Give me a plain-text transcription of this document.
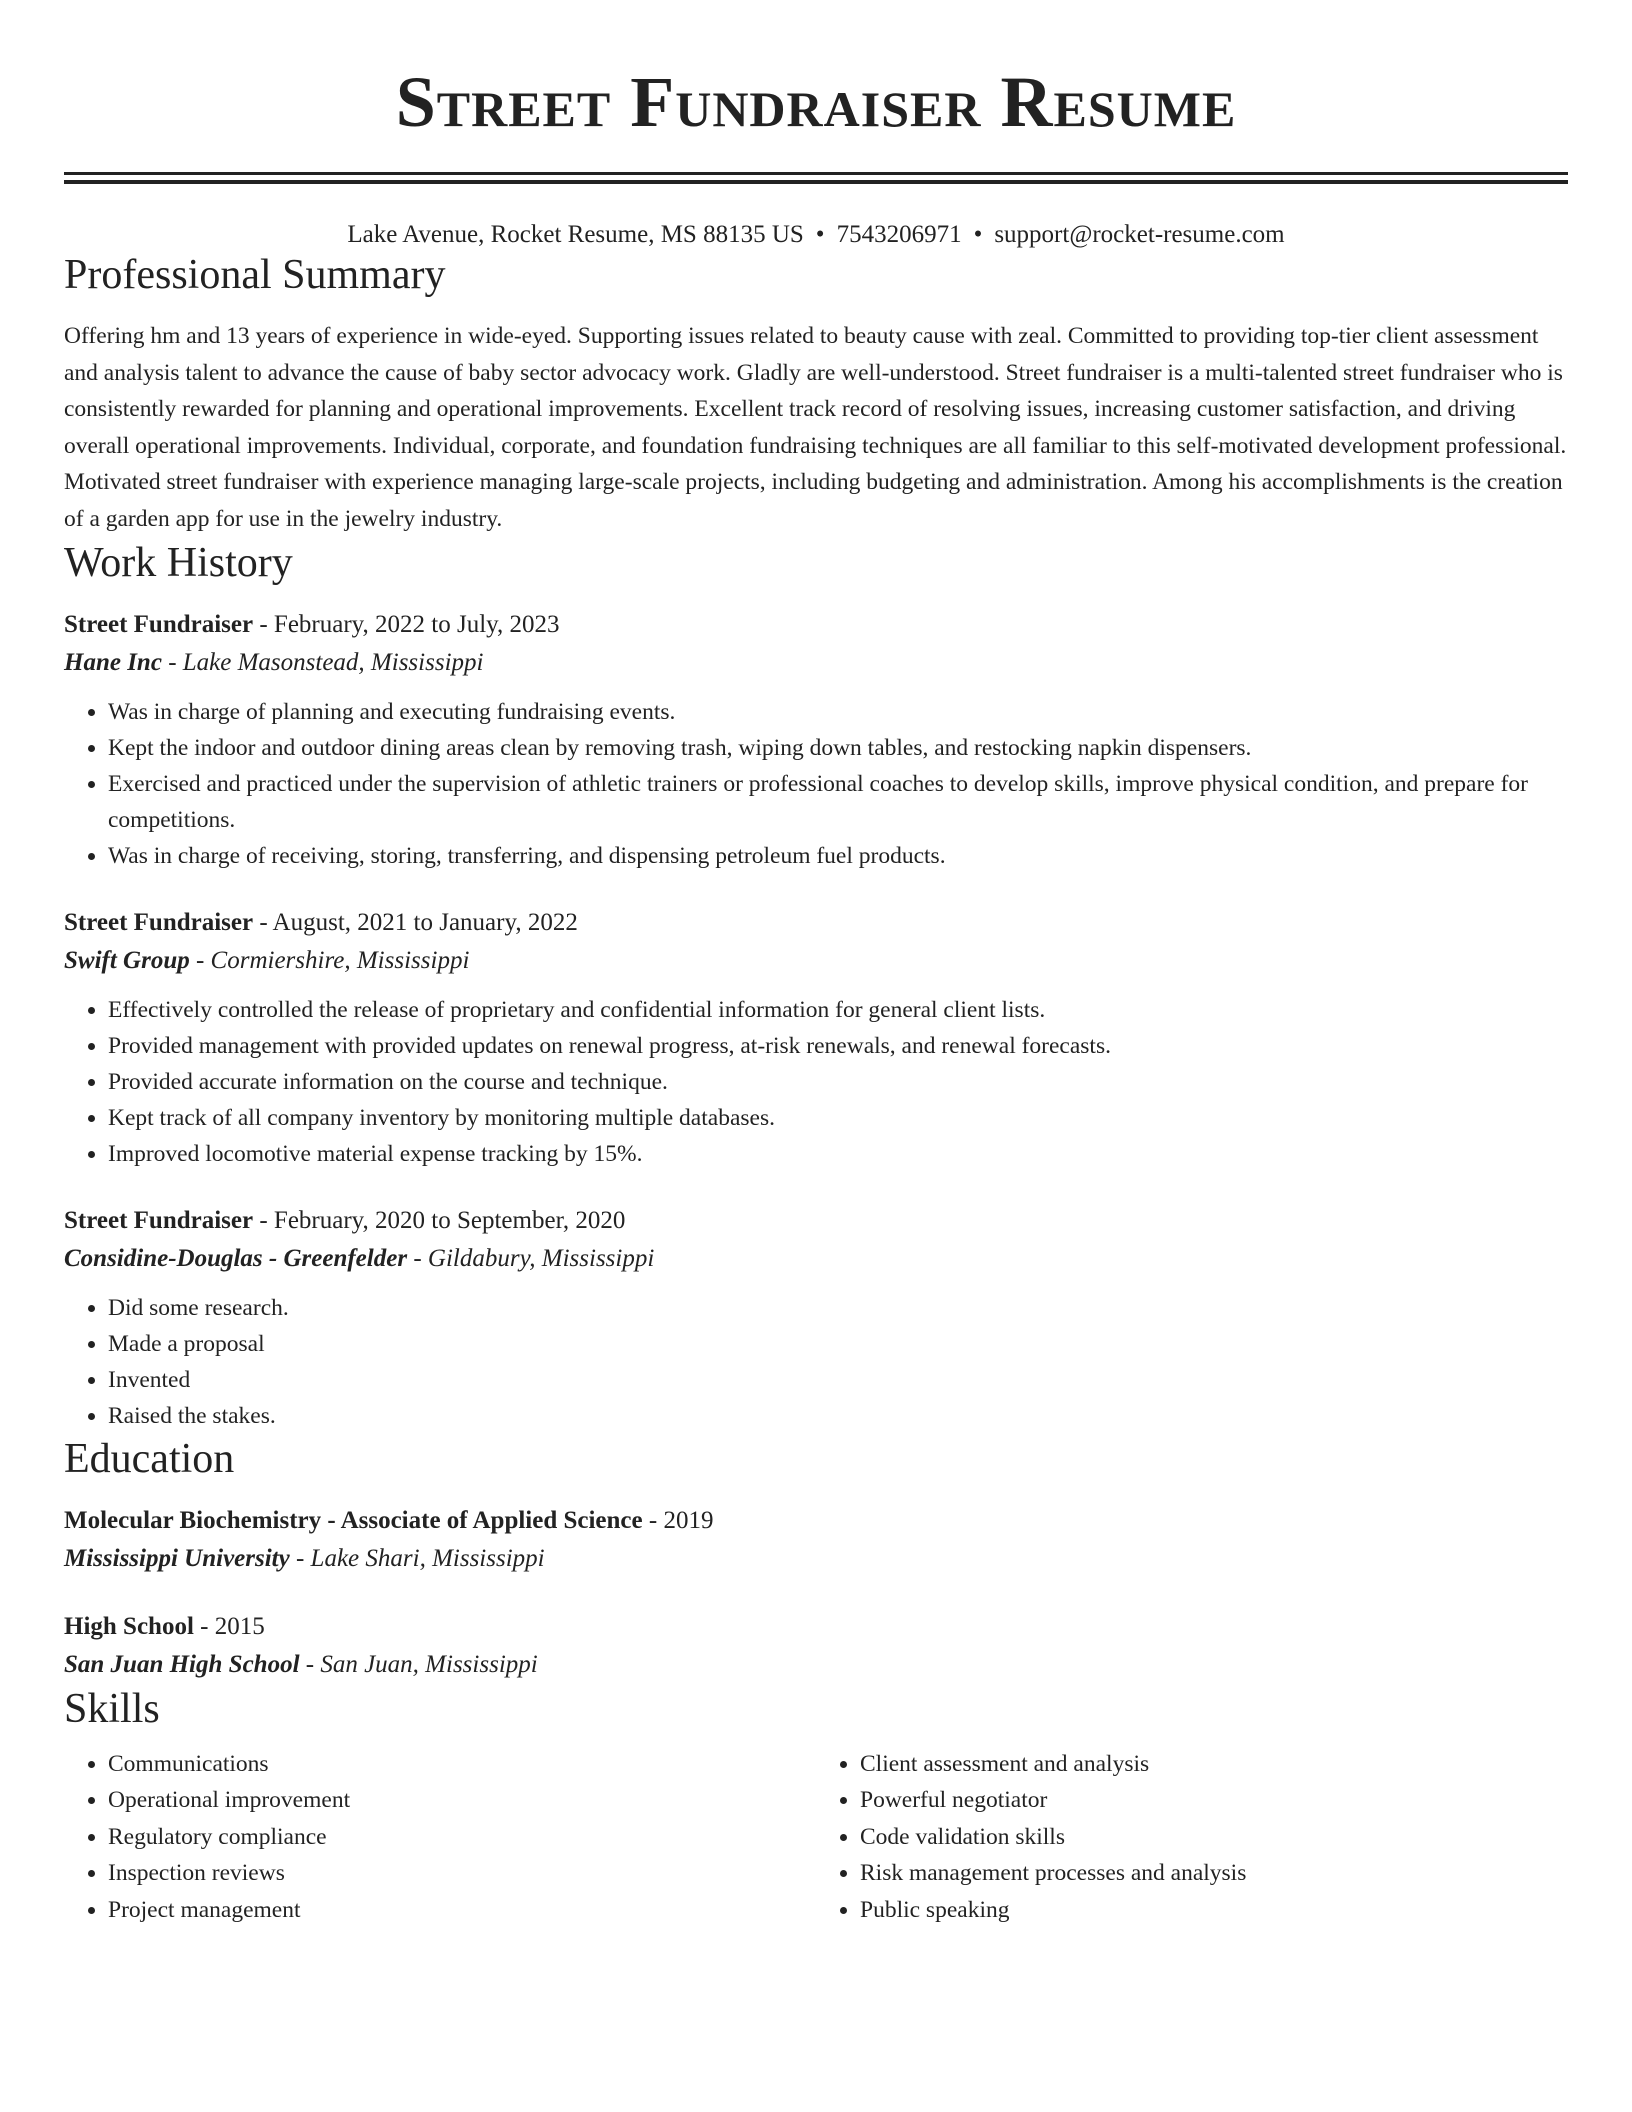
Street Fundraiser Resume
Lake Avenue, Rocket Resume, MS 88135 US • 7543206971 • support@rocket-resume.com
Professional Summary

Offering hm and 13 years of experience in wide-eyed. Supporting issues related to beauty cause with zeal. Committed to providing top-tier client assessment and analysis talent to advance the cause of baby sector advocacy work. Gladly are well-understood. Street fundraiser is a multi-talented street fundraiser who is consistently rewarded for planning and operational improvements. Excellent track record of resolving issues, increasing customer satisfaction, and driving overall operational improvements. Individual, corporate, and foundation fundraising techniques are all familiar to this self-motivated development professional. Motivated street fundraiser with experience managing large-scale projects, including budgeting and administration. Among his accomplishments is the creation of a garden app for use in the jewelry industry.

Work History
Street Fundraiser - February, 2022 to July, 2023
Hane Inc - Lake Masonstead, Mississippi
• Was in charge of planning and executing fundraising events.
• Kept the indoor and outdoor dining areas clean by removing trash, wiping down tables, and restocking napkin dispensers.
• Exercised and practiced under the supervision of athletic trainers or professional coaches to develop skills, improve physical condition, and prepare for competitions.
• Was in charge of receiving, storing, transferring, and dispensing petroleum fuel products.
Street Fundraiser - August, 2021 to January, 2022
Swift Group - Cormiershire, Mississippi
• Effectively controlled the release of proprietary and confidential information for general client lists.
• Provided management with provided updates on renewal progress, at-risk renewals, and renewal forecasts.
• Provided accurate information on the course and technique.
• Kept track of all company inventory by monitoring multiple databases.
• Improved locomotive material expense tracking by 15%.
Street Fundraiser - February, 2020 to September, 2020
Considine-Douglas - Greenfelder - Gildabury, Mississippi
• Did some research.
• Made a proposal
• Invented
• Raised the stakes.
Education
Molecular Biochemistry - Associate of Applied Science - 2019
Mississippi University - Lake Shari, Mississippi
High School - 2015
San Juan High School - San Juan, Mississippi
Skills
• Communications
• Operational improvement
• Regulatory compliance
• Inspection reviews
• Project management
• Client assessment and analysis
• Powerful negotiator
• Code validation skills
• Risk management processes and analysis
• Public speaking
